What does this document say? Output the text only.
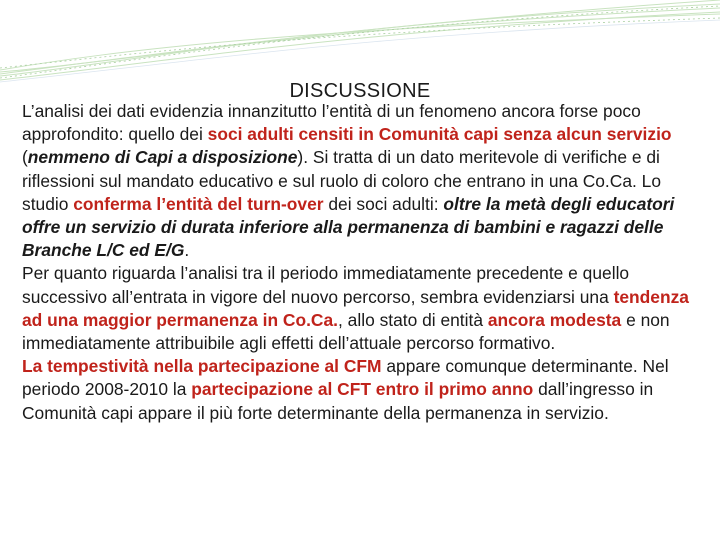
DISCUSSIONE

L’analisi dei dati evidenzia innanzitutto l’entità di un fenomeno ancora forse poco approfondito: quello dei soci adulti censiti in Comunità capi senza alcun servizio (nemmeno di Capi a disposizione). Si tratta di un dato meritevole di verifiche e di riflessioni sul mandato educativo e sul ruolo di coloro che entrano in una Co.Ca. Lo studio conferma l’entità del turn-over dei soci adulti: oltre la metà degli educatori offre un servizio di durata inferiore alla permanenza di bambini e ragazzi delle Branche L/C ed E/G.

Per quanto riguarda l’analisi tra il periodo immediatamente precedente e quello successivo all’entrata in vigore del nuovo percorso, sembra evidenziarsi una tendenza ad una maggior permanenza in Co.Ca., allo stato di entità ancora modesta e non immediatamente attribuibile agli effetti dell’attuale percorso formativo.

La tempestività nella partecipazione al CFM appare comunque determinante. Nel periodo 2008-2010 la partecipazione al CFT entro il primo anno dall’ingresso in Comunità capi appare il più forte determinante della permanenza in servizio.
